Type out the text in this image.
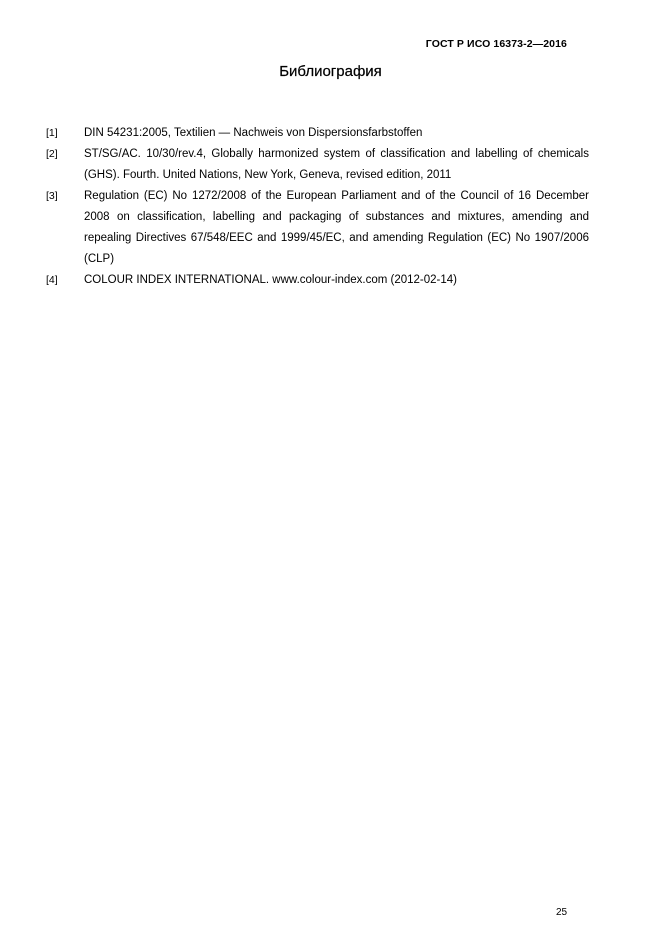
ГОСТ Р ИСО 16373-2—2016
Библиография
[1]	DIN 54231:2005, Textilien — Nachweis von Dispersionsfarbstoffen
[2]	ST/SG/AC. 10/30/rev.4, Globally harmonized system of classification and labelling of chemicals (GHS). Fourth. United Nations, New York, Geneva, revised edition, 2011
[3]	Regulation (EC) No 1272/2008 of the European Parliament and of the Council of 16 December 2008 on classification, labelling and packaging of substances and mixtures, amending and repealing Directives 67/548/EEC and 1999/45/EC, and amending Regulation (EC) No 1907/2006 (CLP)
[4]	COLOUR INDEX INTERNATIONAL. www.colour-index.com (2012-02-14)
25
